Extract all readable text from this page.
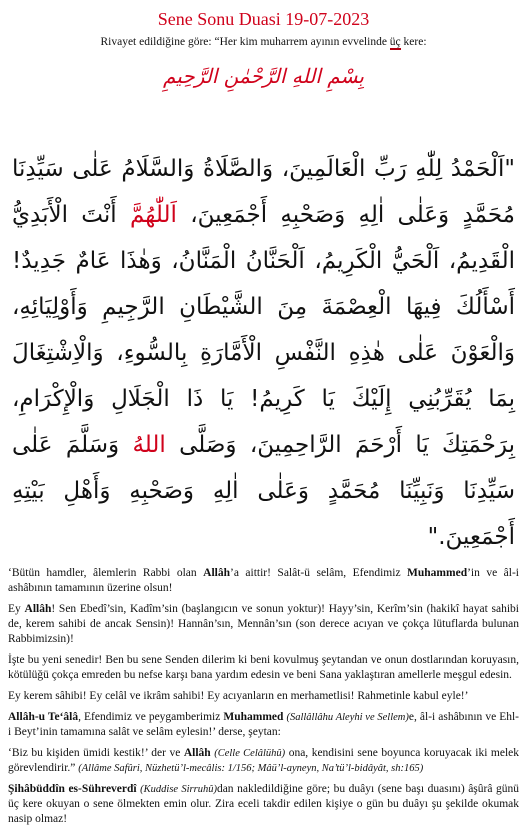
Sene Sonu Duasi 19-07-2023
Rivayet edildiğine göre: “Her kim muharrem ayının evvelinde üç kere:
بِسْمِ اللهِ الرَّحْمٰنِ الرَّحِيمِ
"اَلْحَمْدُ لِلّٰهِ رَبِّ الْعَالَمِينَ، وَالصَّلَاةُ وَالسَّلَامُ عَلٰى سَيِّدِنَا مُحَمَّدٍ وَعَلٰى اٰلِهِ وَصَحْبِهِ أَجْمَعِينَ، اَللّٰهُمَّ أَنْتَ الْأَبَدِيُّ الْقَدِيمُ، اَلْحَيُّ الْكَرِيمُ، اَلْحَنَّانُ الْمَنَّانُ، وَهٰذَا عَامٌ جَدِيدٌ! أَسْأَلُكَ فِيهَا الْعِصْمَةَ مِنَ الشَّيْطَانِ الرَّجِيمِ وَأَوْلِيَائِهِ، وَالْعَوْنَ عَلٰى هٰذِهِ النَّفْسِ الْأَمَّارَةِ بِالسُّوءِ، وَالْاِشْتِغَالَ بِمَا يُقَرِّبُنِي إِلَيْكَ يَا كَرِيمُ! يَا ذَا الْجَلَالِ وَالْإِكْرَامِ، بِرَحْمَتِكَ يَا أَرْحَمَ الرَّاحِمِينَ، وَصَلَّى اللهُ وَسَلَّمَ عَلٰى سَيِّدِنَا وَنَبِيِّنَا مُحَمَّدٍ وَعَلٰى اٰلِهِ وَصَحْبِهِ وَأَهْلِ بَيْتِهِ أَجْمَعِينَ."

‘Bütün hamdler, âlemlerin Rabbi olan Allâh’a aittir! Salât-ü selâm, Efendimiz Muhammed’in ve âl-i ashâbının tamamının üzerine olsun!

Ey Allâh! Sen Ebedî’sin, Kadîm’sin (başlangıcın ve sonun yoktur)! Hayy’sin, Kerîm’sin (hakikî hayat sahibi de, kerem sahibi de ancak Sensin)! Hannân’sın, Mennân’sın (son derece acıyan ve çokça lütuflarda bulunan Rabbimizsin)!

İşte bu yeni senedir! Ben bu sene Senden dilerim ki beni kovulmuş şeytandan ve onun dostlarından koruyasın, kötülüğü çokça emreden bu nefse karşı bana yardım edesin ve beni Sana yaklaştıran amellerle meşgul edesin.

Ey kerem sâhibi! Ey celâl ve ikrâm sahibi! Ey acıyanların en merhametlisi! Rahmetinle kabul eyle!’

Allâh-u Te‘âlâ, Efendimiz ve peygamberimiz Muhammed (Sallâllâhu Aleyhi ve Sellem)e, âl-i ashâbının ve Ehl-i Beyt’inin tamamına salât ve selâm eylesin!’ derse, şeytan:

‘Biz bu kişiden ümidi kestik!’ der ve Allâh (Celle Celâlühû) ona, kendisini sene boyunca koruyacak iki melek görevlendirir.” (Allâme Safûri, Nüzhetü’l-mecâlis: 1/156; Mâü’l-ayneyn, Na’tü’l-bidâyât, sh:165)

Şihâbüddîn es-Sühreverdî (Kuddise Sirruhû)dan nakledildiğine göre; bu duâyı (sene başı duasını) âşûrâ günü üç kere okuyan o sene ölmekten emin olur. Zira eceli takdir edilen kişiye o gün bu duâyı şu şekilde okumak nasip olmaz!
